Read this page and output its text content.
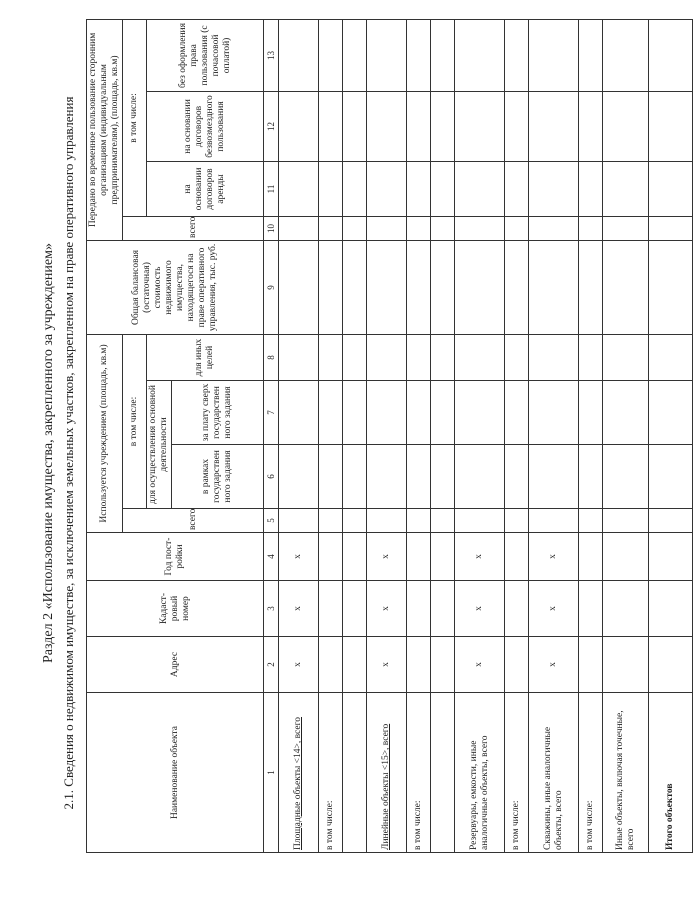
Раздел 2 «Использование имущества, закрепленного за учреждением» 2.1. Сведения о недвижимом имуществе, за исключением земельных участков, закрепленном на праве оперативного управления	Наименование объекта	Адрес	Кадаст-ровый номер	Год пост-ройки	Используется учреждением (площадь, кв.м)				Общая балансовая (остаточная) стоимость недвижимого имущества, находящегося на праве оперативного управления, тыс. руб.	Передано во временное пользование сторонним организациям (индивидуальным предпринимателям), (площадь, кв.м)			
				всего	в том числе:				всего	в том числе:		
					для осуществления основной деятельности		для иных целей			на основании договоров аренды	на основании договоров безвозмездного пользования	без оформления права пользования (с почасовой оплатой)
					в рамках государствен ного задания	за плату сверх государствен ного задания						
1	2	3	4	5	6	7	8	9	10	11	12	13
Площадные объекты <14>, всего	x	x	x									
в том числе:												

Линейные объекты <15>, всего	x	x	x									
в том числе:												

Резервуары, емкости, иные аналогичные объекты, всего	x	x	x									
в том числе:												
Скважины, иные аналогичные объекты, всего	x	x	x									
в том числе:												
Иные объекты, включая точечные, всего												
Итого объектов												
